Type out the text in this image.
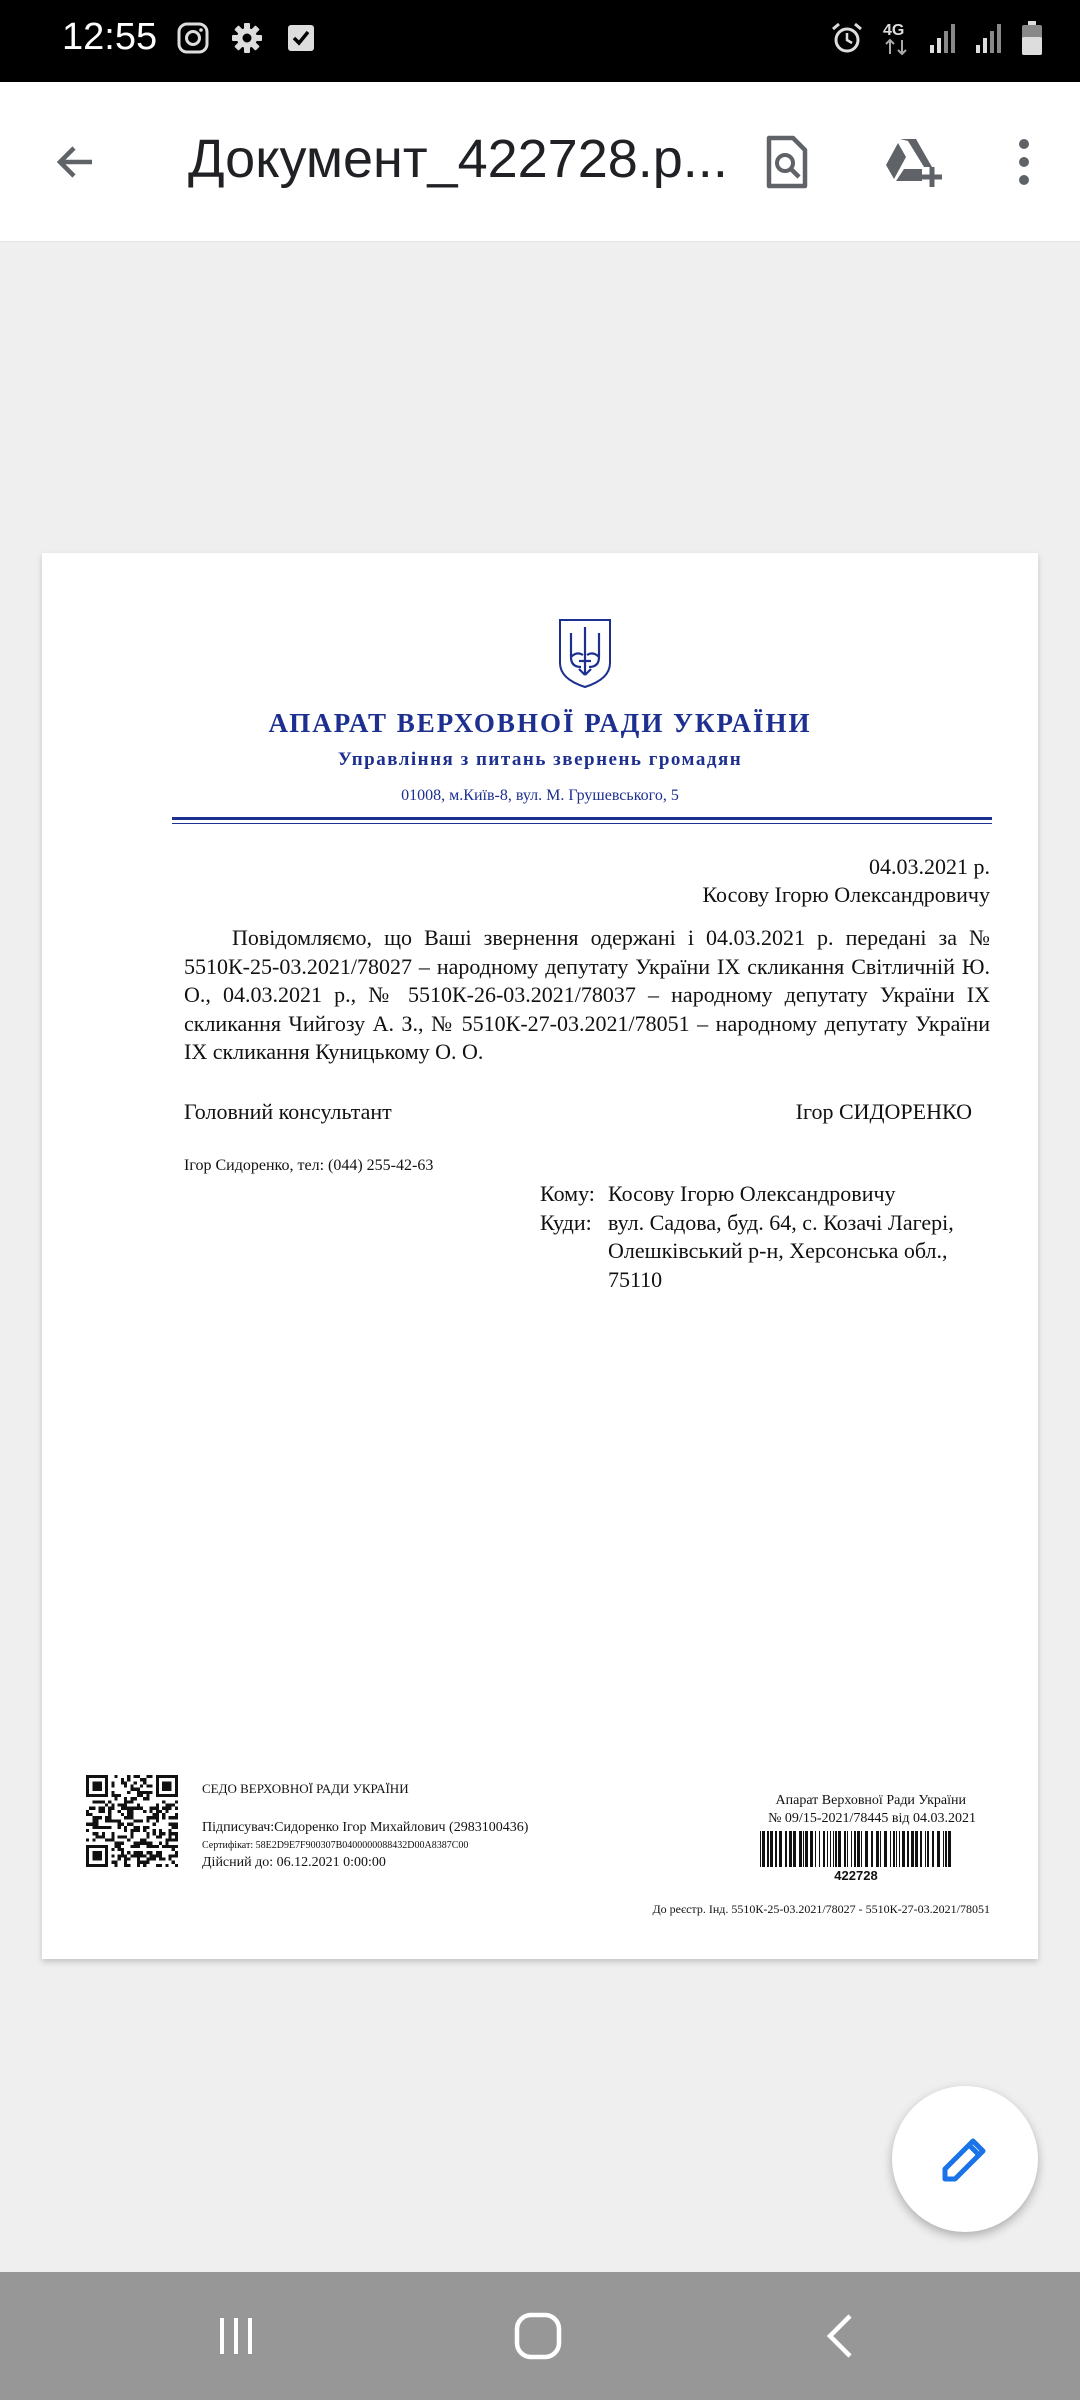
12:55	4G
Документ_422728.p...
АПАРАТ ВЕРХОВНОЇ РАДИ УКРАЇНИ
Управління з питань звернень громадян
01008, м.Київ-8, вул. М. Грушевського, 5
04.03.2021 р.
Косову Ігорю Олександровичу
Повідомляємо, що Ваші звернення одержані і 04.03.2021 р. передані за № 5510К-25-03.2021/78027 – народному депутату України IX скликання Світличній Ю. О., 04.03.2021 р., № 5510К-26-03.2021/78037 – народному депутату України IX скликання Чийгозу А. З., № 5510К-27-03.2021/78051 – народному депутату України IX скликання Куницькому О. О.
Головний консультант	Ігор СИДОРЕНКО
Ігор Сидоренко, тел: (044) 255-42-63
Кому: Косову Ігорю Олександровичу
Куди: вул. Садова, буд. 64, с. Козачі Лагері, Олешківський р-н, Херсонська обл., 75110
СЕДО ВЕРХОВНОЇ РАДИ УКРАЇНИ
Підписувач:Сидоренко Ігор Михайлович (2983100436)
Сертифікат: 58E2D9E7F900307B0400000088432D00A8387C00
Дійсний до: 06.12.2021 0:00:00
Апарат Верховної Ради України
№ 09/15-2021/78445 від 04.03.2021
422728
До реєстр. Інд. 5510К-25-03.2021/78027 - 5510К-27-03.2021/78051
